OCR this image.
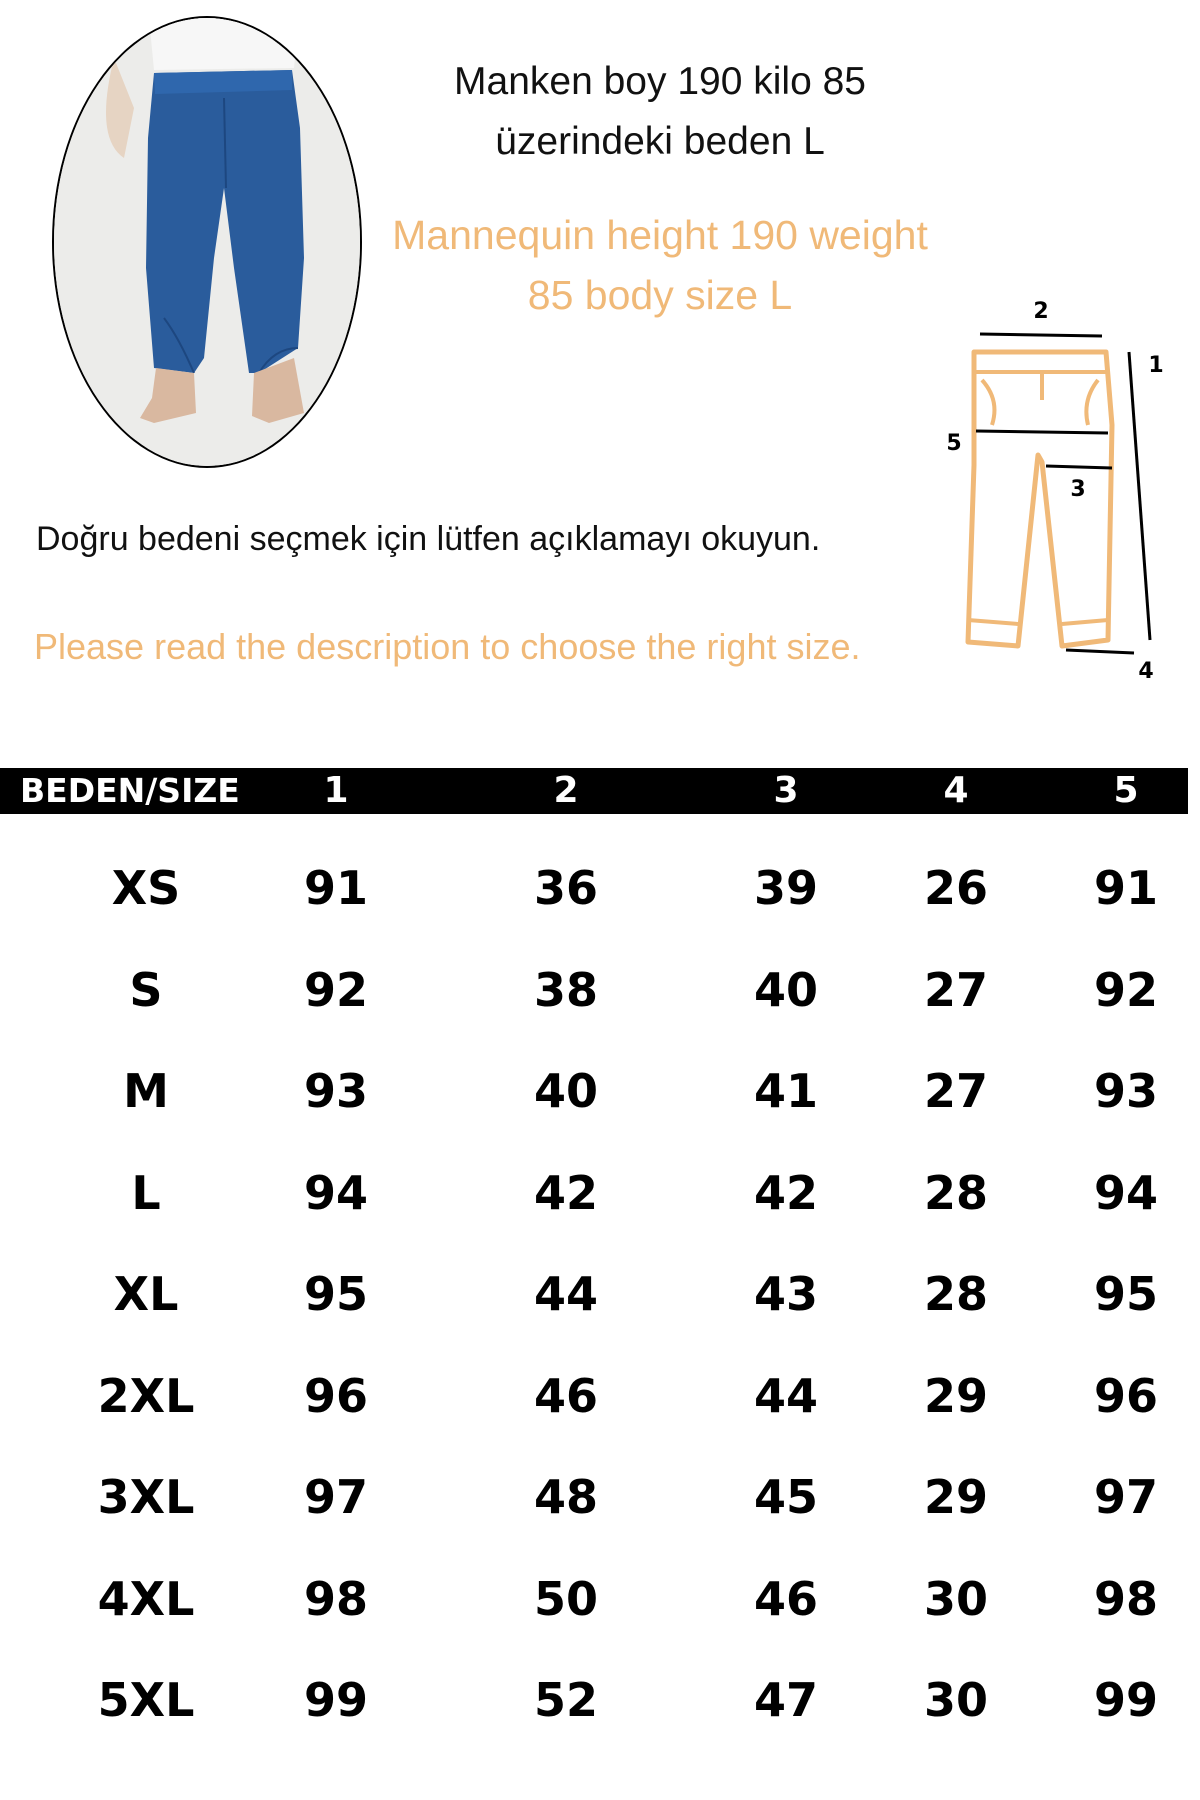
Manken boy 190 kilo 85
üzerindeki beden L
Mannequin height 190 weight
85 body size L
Doğru bedeni seçmek için lütfen açıklamayı okuyun.
Please read the description to choose the right size.
2
1
3
4
5
BEDEN/SIZE	1	2	3	4	5
XS	91	36	39	26	91
S	92	38	40	27	92
M	93	40	41	27	93
L	94	42	42	28	94
XL	95	44	43	28	95
2XL	96	46	44	29	96
3XL	97	48	45	29	97
4XL	98	50	46	30	98
5XL	99	52	47	30	99
